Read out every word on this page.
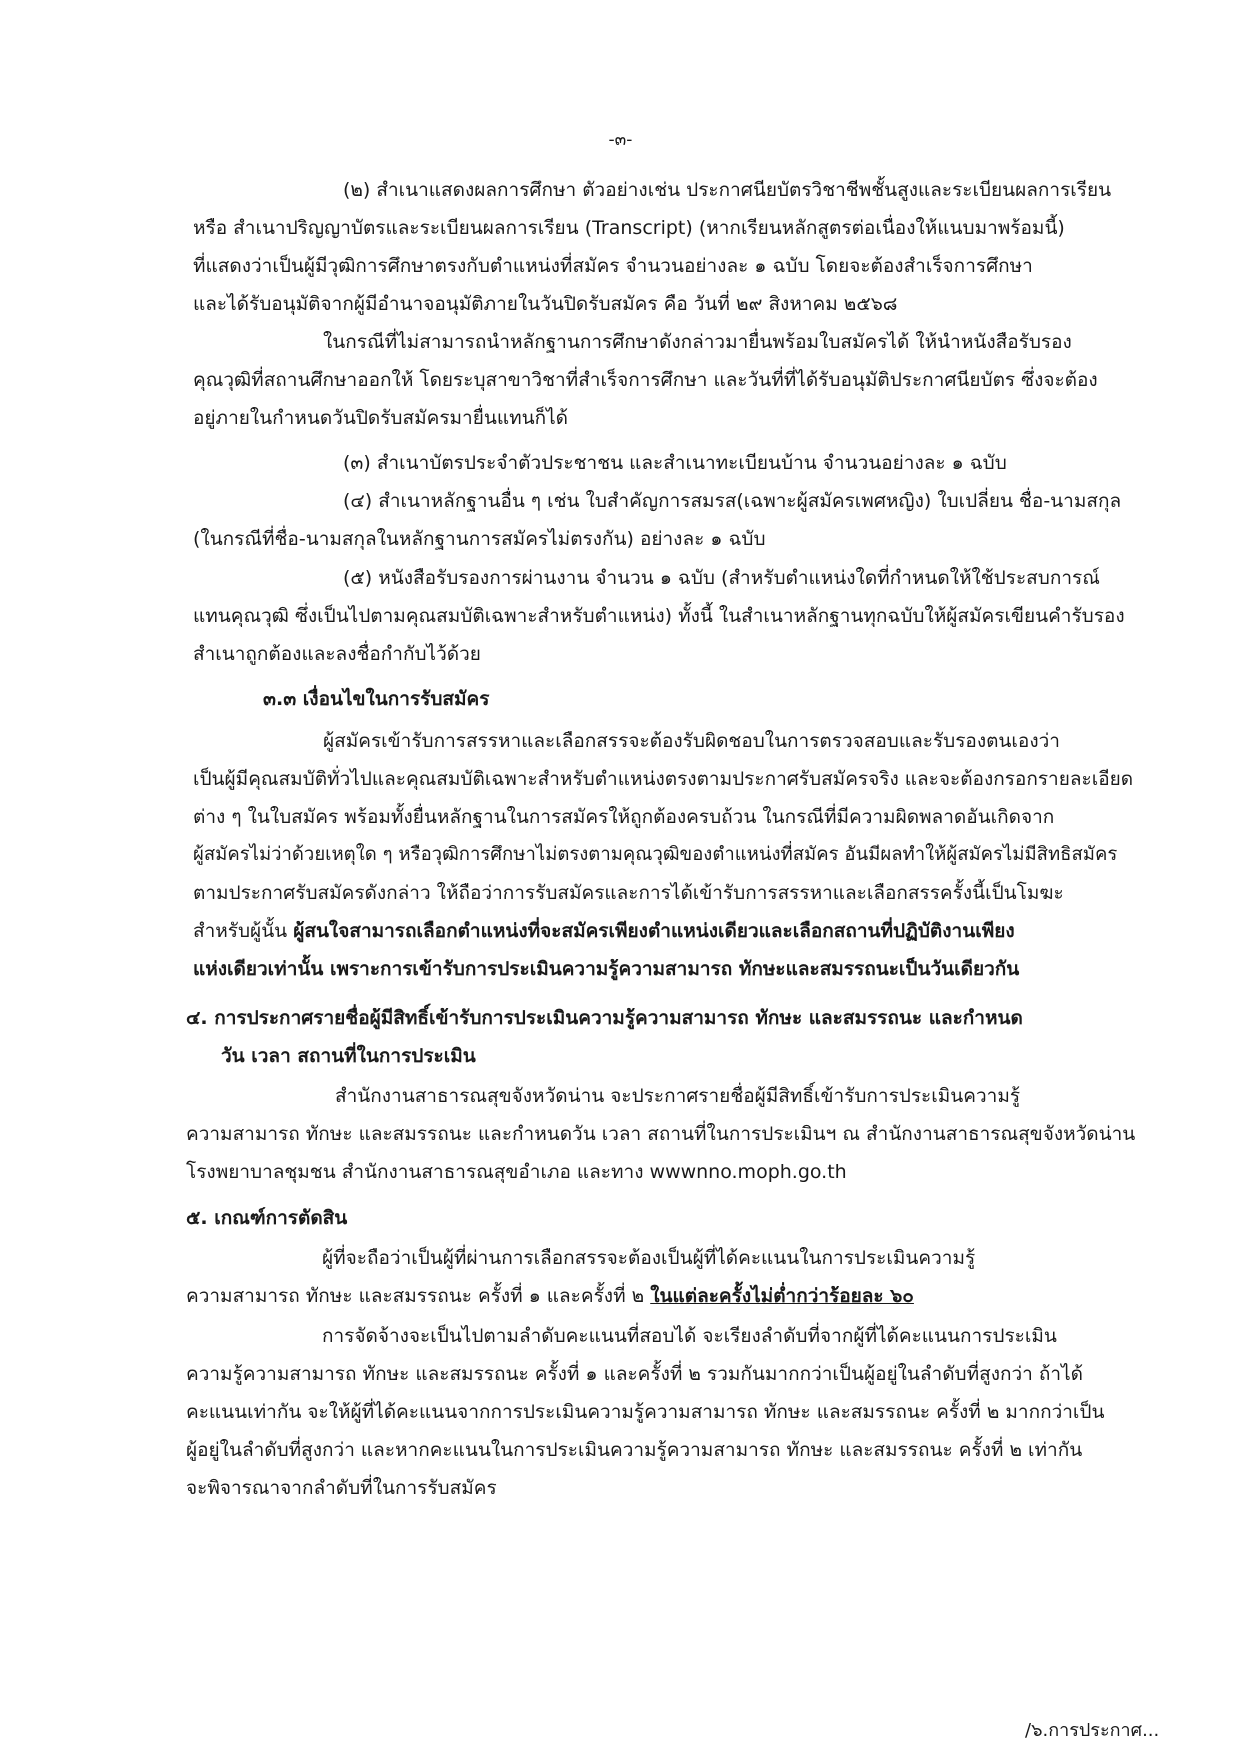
-๓-
(๒) สำเนาแสดงผลการศึกษา ตัวอย่างเช่น ประกาศนียบัตรวิชาชีพชั้นสูงและระเบียนผลการเรียน
หรือ สำเนาปริญญาบัตรและระเบียนผลการเรียน (Transcript) (หากเรียนหลักสูตรต่อเนื่องให้แนบมาพร้อมนี้)
ที่แสดงว่าเป็นผู้มีวุฒิการศึกษาตรงกับตำแหน่งที่สมัคร จำนวนอย่างละ ๑ ฉบับ โดยจะต้องสำเร็จการศึกษา
และได้รับอนุมัติจากผู้มีอำนาจอนุมัติภายในวันปิดรับสมัคร คือ วันที่ ๒๙ สิงหาคม ๒๕๖๘
ในกรณีที่ไม่สามารถนำหลักฐานการศึกษาดังกล่าวมายื่นพร้อมใบสมัครได้ ให้นำหนังสือรับรอง
คุณวุฒิที่สถานศึกษาออกให้ โดยระบุสาขาวิชาที่สำเร็จการศึกษา และวันที่ที่ได้รับอนุมัติประกาศนียบัตร ซึ่งจะต้อง
อยู่ภายในกำหนดวันปิดรับสมัครมายื่นแทนก็ได้
(๓) สำเนาบัตรประจำตัวประชาชน และสำเนาทะเบียนบ้าน จำนวนอย่างละ ๑ ฉบับ
(๔) สำเนาหลักฐานอื่น ๆ เช่น ใบสำคัญการสมรส(เฉพาะผู้สมัครเพศหญิง) ใบเปลี่ยน ชื่อ-นามสกุล
(ในกรณีที่ชื่อ-นามสกุลในหลักฐานการสมัครไม่ตรงกัน) อย่างละ ๑ ฉบับ
(๕) หนังสือรับรองการผ่านงาน จำนวน ๑ ฉบับ (สำหรับตำแหน่งใดที่กำหนดให้ใช้ประสบการณ์
แทนคุณวุฒิ ซึ่งเป็นไปตามคุณสมบัติเฉพาะสำหรับตำแหน่ง) ทั้งนี้ ในสำเนาหลักฐานทุกฉบับให้ผู้สมัครเขียนคำรับรอง
สำเนาถูกต้องและลงชื่อกำกับไว้ด้วย
๓.๓ เงื่อนไขในการรับสมัคร
ผู้สมัครเข้ารับการสรรหาและเลือกสรรจะต้องรับผิดชอบในการตรวจสอบและรับรองตนเองว่า
เป็นผู้มีคุณสมบัติทั่วไปและคุณสมบัติเฉพาะสำหรับตำแหน่งตรงตามประกาศรับสมัครจริง และจะต้องกรอกรายละเอียด
ต่าง ๆ ในใบสมัคร พร้อมทั้งยื่นหลักฐานในการสมัครให้ถูกต้องครบถ้วน ในกรณีที่มีความผิดพลาดอันเกิดจาก
ผู้สมัครไม่ว่าด้วยเหตุใด ๆ หรือวุฒิการศึกษาไม่ตรงตามคุณวุฒิของตำแหน่งที่สมัคร อันมีผลทำให้ผู้สมัครไม่มีสิทธิสมัคร
ตามประกาศรับสมัครดังกล่าว ให้ถือว่าการรับสมัครและการได้เข้ารับการสรรหาและเลือกสรรครั้งนี้เป็นโมฆะ
สำหรับผู้นั้น ผู้สนใจสามารถเลือกตำแหน่งที่จะสมัครเพียงตำแหน่งเดียวและเลือกสถานที่ปฏิบัติงานเพียง
แห่งเดียวเท่านั้น เพราะการเข้ารับการประเมินความรู้ความสามารถ ทักษะและสมรรถนะเป็นวันเดียวกัน
๔. การประกาศรายชื่อผู้มีสิทธิ์เข้ารับการประเมินความรู้ความสามารถ ทักษะ และสมรรถนะ และกำหนด
วัน เวลา สถานที่ในการประเมิน
สำนักงานสาธารณสุขจังหวัดน่าน จะประกาศรายชื่อผู้มีสิทธิ์เข้ารับการประเมินความรู้
ความสามารถ ทักษะ และสมรรถนะ และกำหนดวัน เวลา สถานที่ในการประเมินฯ ณ สำนักงานสาธารณสุขจังหวัดน่าน
โรงพยาบาลชุมชน สำนักงานสาธารณสุขอำเภอ และทาง wwwnno.moph.go.th
๕. เกณฑ์การตัดสิน
ผู้ที่จะถือว่าเป็นผู้ที่ผ่านการเลือกสรรจะต้องเป็นผู้ที่ได้คะแนนในการประเมินความรู้
ความสามารถ ทักษะ และสมรรถนะ ครั้งที่ ๑ และครั้งที่ ๒ ในแต่ละครั้งไม่ต่ำกว่าร้อยละ ๖๐
การจัดจ้างจะเป็นไปตามลำดับคะแนนที่สอบได้ จะเรียงลำดับที่จากผู้ที่ได้คะแนนการประเมิน
ความรู้ความสามารถ ทักษะ และสมรรถนะ ครั้งที่ ๑ และครั้งที่ ๒ รวมกันมากกว่าเป็นผู้อยู่ในลำดับที่สูงกว่า ถ้าได้
คะแนนเท่ากัน จะให้ผู้ที่ได้คะแนนจากการประเมินความรู้ความสามารถ ทักษะ และสมรรถนะ ครั้งที่ ๒ มากกว่าเป็น
ผู้อยู่ในลำดับที่สูงกว่า และหากคะแนนในการประเมินความรู้ความสามารถ ทักษะ และสมรรถนะ ครั้งที่ ๒ เท่ากัน
จะพิจารณาจากลำดับที่ในการรับสมัคร
/๖.การประกาศ...
